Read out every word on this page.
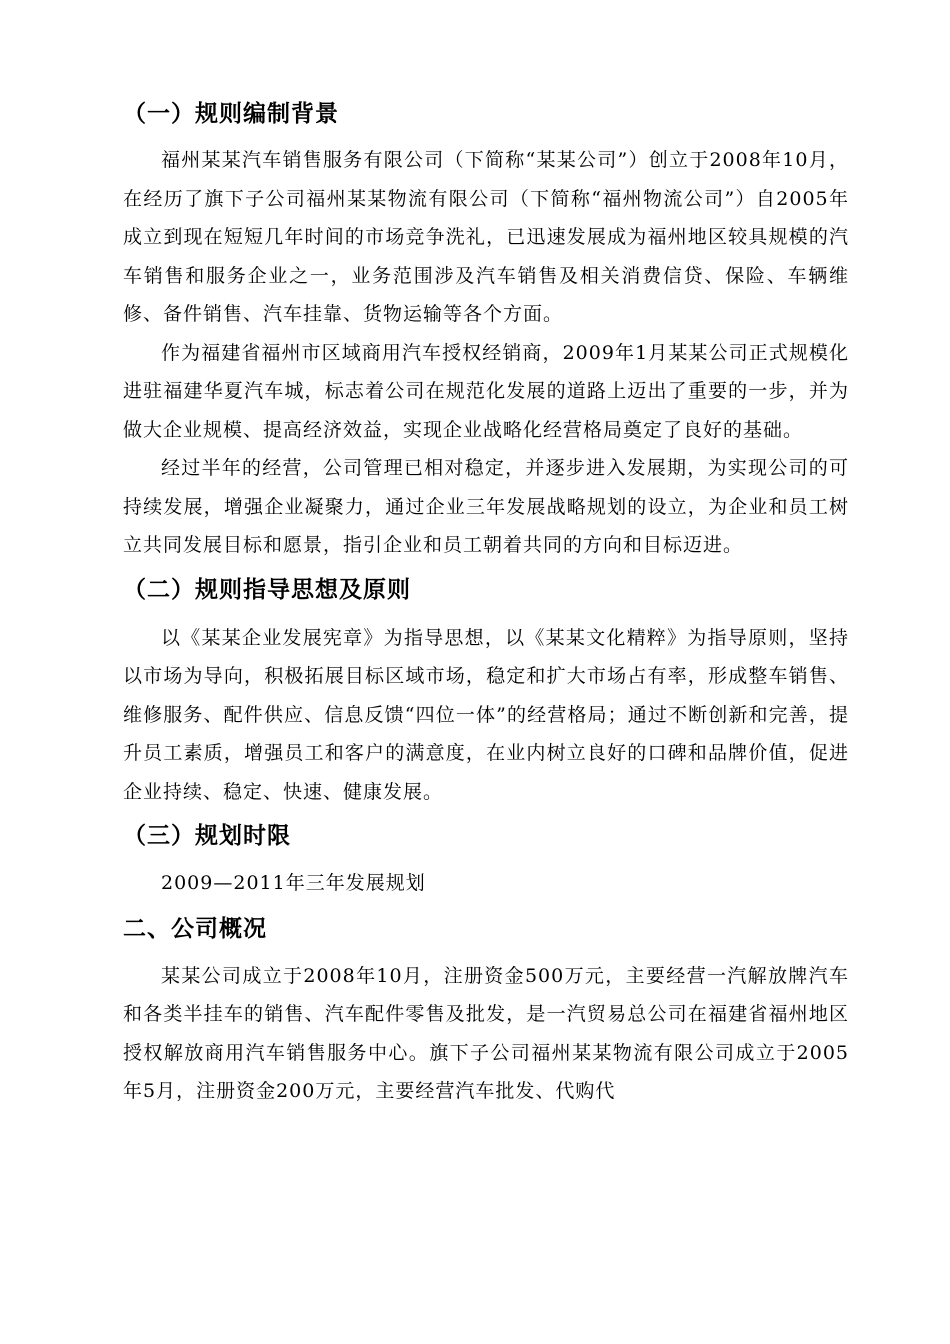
（一）规则编制背景

福州某某汽车销售服务有限公司（下简称“某某公司”）创立于2008年10月，在经历了旗下子公司福州某某物流有限公司（下简称“福州物流公司”）自2005年成立到现在短短几年时间的市场竞争洗礼，已迅速发展成为福州地区较具规模的汽车销售和服务企业之一，业务范围涉及汽车销售及相关消费信贷、保险、车辆维修、备件销售、汽车挂靠、货物运输等各个方面。

作为福建省福州市区域商用汽车授权经销商，2009年1月某某公司正式规模化进驻福建华夏汽车城，标志着公司在规范化发展的道路上迈出了重要的一步，并为做大企业规模、提高经济效益，实现企业战略化经营格局奠定了良好的基础。

经过半年的经营，公司管理已相对稳定，并逐步进入发展期，为实现公司的可持续发展，增强企业凝聚力，通过企业三年发展战略规划的设立，为企业和员工树立共同发展目标和愿景，指引企业和员工朝着共同的方向和目标迈进。

（二）规则指导思想及原则

以《某某企业发展宪章》为指导思想，以《某某文化精粹》为指导原则，坚持以市场为导向，积极拓展目标区域市场，稳定和扩大市场占有率，形成整车销售、维修服务、配件供应、信息反馈“四位一体”的经营格局；通过不断创新和完善，提升员工素质，增强员工和客户的满意度，在业内树立良好的口碑和品牌价值，促进企业持续、稳定、快速、健康发展。

（三）规划时限

2009—2011年三年发展规划

二、公司概况

某某公司成立于2008年10月，注册资金500万元，主要经营一汽解放牌汽车和各类半挂车的销售、汽车配件零售及批发，是一汽贸易总公司在福建省福州地区授权解放商用汽车销售服务中心。旗下子公司福州某某物流有限公司成立于2005年5月，注册资金200万元，主要经营汽车批发、代购代
